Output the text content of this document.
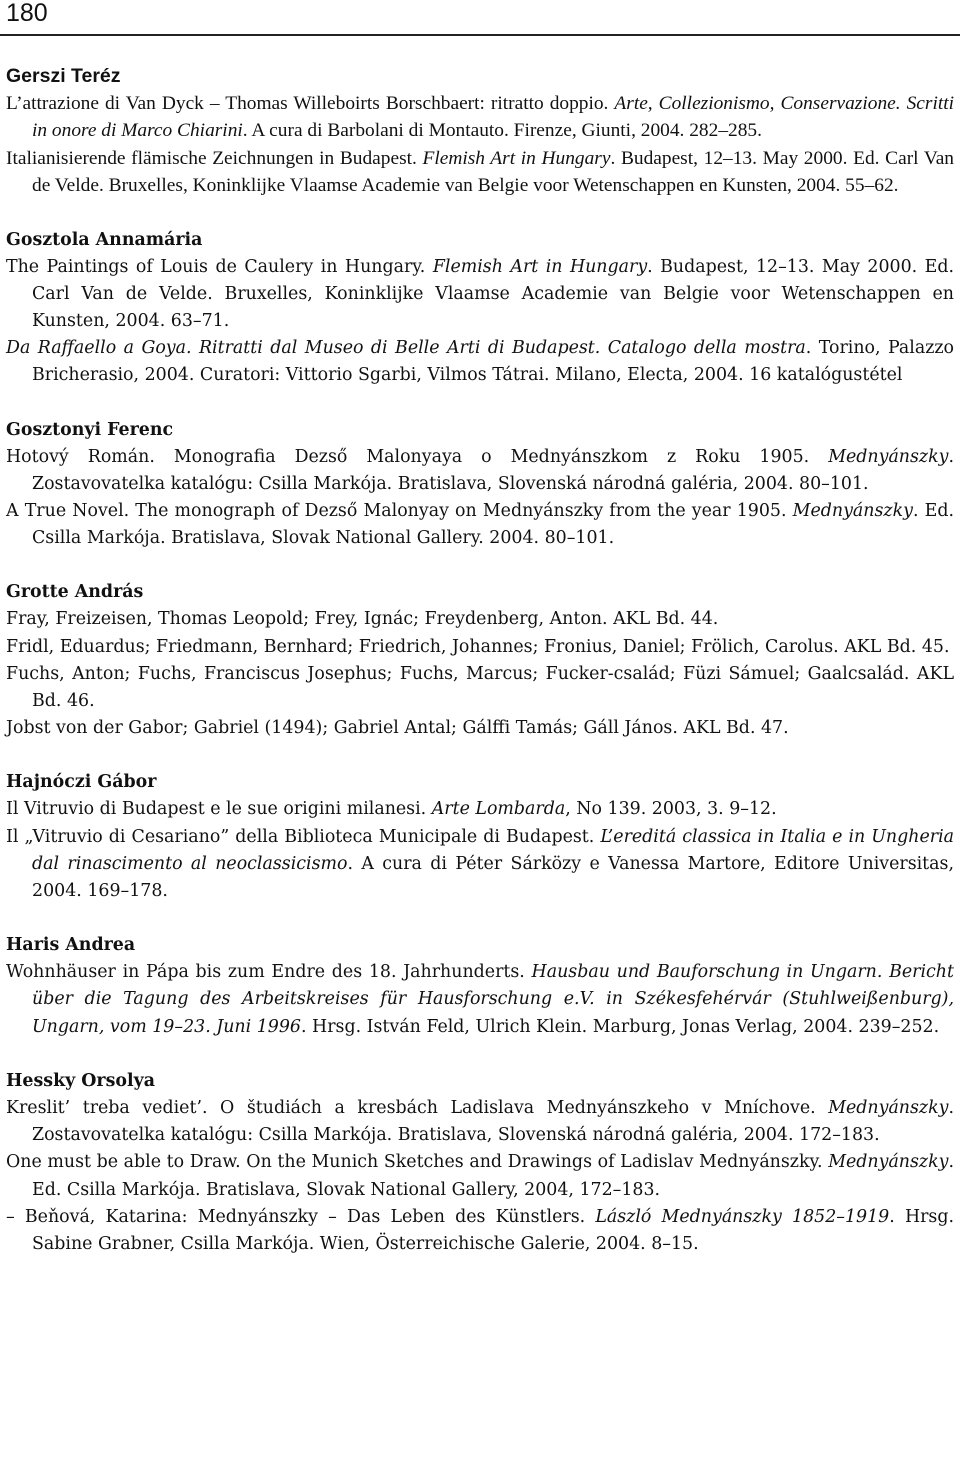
180

Gerszi Teréz

L’attrazione di Van Dyck – Thomas Willeboirts Borschbaert: ritratto doppio. Arte, Collezionismo, Conservazione. Scritti in onore di Marco Chiarini. A cura di Barbolani di Montauto. Firenze, Giunti, 2004. 282–285.

Italianisierende flämische Zeichnungen in Budapest. Flemish Art in Hungary. Budapest, 12–13. May 2000. Ed. Carl Van de Velde. Bruxelles, Koninklijke Vlaamse Academie van Belgie voor Wetenschappen en Kunsten, 2004. 55–62.

Gosztola Annamária

The Paintings of Louis de Caulery in Hungary. Flemish Art in Hungary. Budapest, 12–13. May 2000. Ed. Carl Van de Velde. Bruxelles, Koninklijke Vlaamse Academie van Belgie voor Wetenschappen en Kunsten, 2004. 63–71.

Da Raffaello a Goya. Ritratti dal Museo di Belle Arti di Budapest. Catalogo della mostra. Torino, Palazzo Bricherasio, 2004. Curatori: Vittorio Sgarbi, Vilmos Tátrai. Milano, Electa, 2004. 16 katalógustétel

Gosztonyi Ferenc

Hotový Román. Monografia Dezső Malonyaya o Mednyánszkom z Roku 1905. Mednyánszky. Zostavovatelka katalógu: Csilla Markója. Bratislava, Slovenská národná galéria, 2004. 80–101.

A True Novel. The monograph of Dezső Malonyay on Mednyánszky from the year 1905. Mednyánszky. Ed. Csilla Markója. Bratislava, Slovak National Gallery. 2004. 80–101.

Grotte András

Fray, Freizeisen, Thomas Leopold; Frey, Ignác; Freydenberg, Anton. AKL Bd. 44.

Fridl, Eduardus; Friedmann, Bernhard; Friedrich, Johannes; Fronius, Daniel; Frölich, Carolus. AKL Bd. 45.

Fuchs, Anton; Fuchs, Franciscus Josephus; Fuchs, Marcus; Fucker-család; Füzi Sámuel; Gaalcsalád. AKL Bd. 46.

Jobst von der Gabor; Gabriel (1494); Gabriel Antal; Gálffi Tamás; Gáll János. AKL Bd. 47.

Hajnóczi Gábor

Il Vitruvio di Budapest e le sue origini milanesi. Arte Lombarda, No 139. 2003, 3. 9–12.

Il „Vitruvio di Cesariano” della Biblioteca Municipale di Budapest. L’ereditá classica in Italia e in Ungheria dal rinascimento al neoclassicismo. A cura di Péter Sárközy e Vanessa Martore, Editore Universitas, 2004. 169–178.

Haris Andrea

Wohnhäuser in Pápa bis zum Endre des 18. Jahrhunderts. Hausbau und Bauforschung in Ungarn. Bericht über die Tagung des Arbeitskreises für Hausforschung e.V. in Székesfehérvár (Stuhlweißenburg), Ungarn, vom 19–23. Juni 1996. Hrsg. István Feld, Ulrich Klein. Marburg, Jonas Verlag, 2004. 239–252.

Hessky Orsolya

Kreslit’ treba vediet’. O študiách a kresbách Ladislava Mednyánszkeho v Mníchove. Mednyánszky. Zostavovatelka katalógu: Csilla Markója. Bratislava, Slovenská národná galéria, 2004. 172–183.

One must be able to Draw. On the Munich Sketches and Drawings of Ladislav Mednyánszky. Mednyánszky. Ed. Csilla Markója. Bratislava, Slovak National Gallery, 2004, 172–183.

– Beňová, Katarina: Mednyánszky – Das Leben des Künstlers. László Mednyánszky 1852–1919. Hrsg. Sabine Grabner, Csilla Markója. Wien, Österreichische Galerie, 2004. 8–15.
